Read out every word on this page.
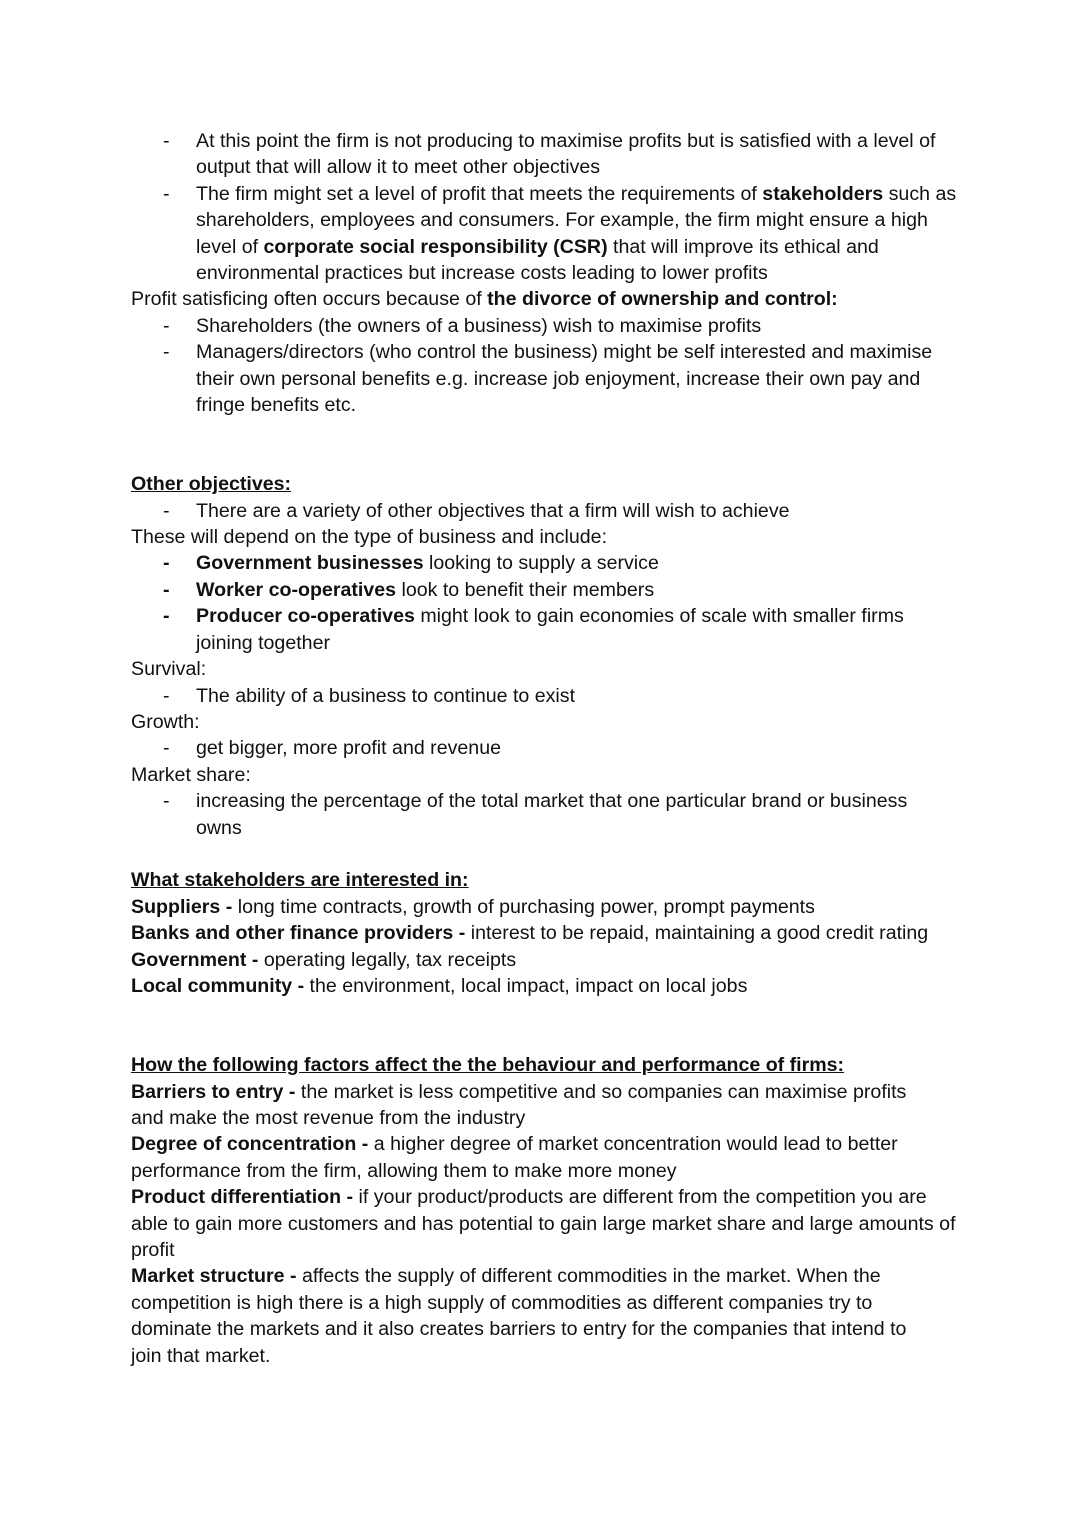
- At this point the firm is not producing to maximise profits but is satisfied with a level of output that will allow it to meet other objectives
- The firm might set a level of profit that meets the requirements of stakeholders such as shareholders, employees and consumers. For example, the firm might ensure a high level of corporate social responsibility (CSR) that will improve its ethical and environmental practices but increase costs leading to lower profits
Profit satisficing often occurs because of the divorce of ownership and control:
- Shareholders (the owners of a business) wish to maximise profits
- Managers/directors (who control the business) might be self interested and maximise their own personal benefits e.g. increase job enjoyment, increase their own pay and fringe benefits etc.
Other objectives:
- There are a variety of other objectives that a firm will wish to achieve
These will depend on the type of business and include:
- Government businesses looking to supply a service
- Worker co-operatives look to benefit their members
- Producer co-operatives might look to gain economies of scale with smaller firms joining together
Survival:
- The ability of a business to continue to exist
Growth:
- get bigger, more profit and revenue
Market share:
- increasing the percentage of the total market that one particular brand or business owns
What stakeholders are interested in:
Suppliers - long time contracts, growth of purchasing power, prompt payments
Banks and other finance providers - interest to be repaid, maintaining a good credit rating
Government - operating legally, tax receipts
Local community - the environment, local impact, impact on local jobs
How the following factors affect the the behaviour and performance of firms:
Barriers to entry - the market is less competitive and so companies can maximise profits and make the most revenue from the industry
Degree of concentration - a higher degree of market concentration would lead to better performance from the firm, allowing them to make more money
Product differentiation - if your product/products are different from the competition you are able to gain more customers and has potential to gain large market share and large amounts of profit
Market structure - affects the supply of different commodities in the market. When the competition is high there is a high supply of commodities as different companies try to dominate the markets and it also creates barriers to entry for the companies that intend to join that market.
